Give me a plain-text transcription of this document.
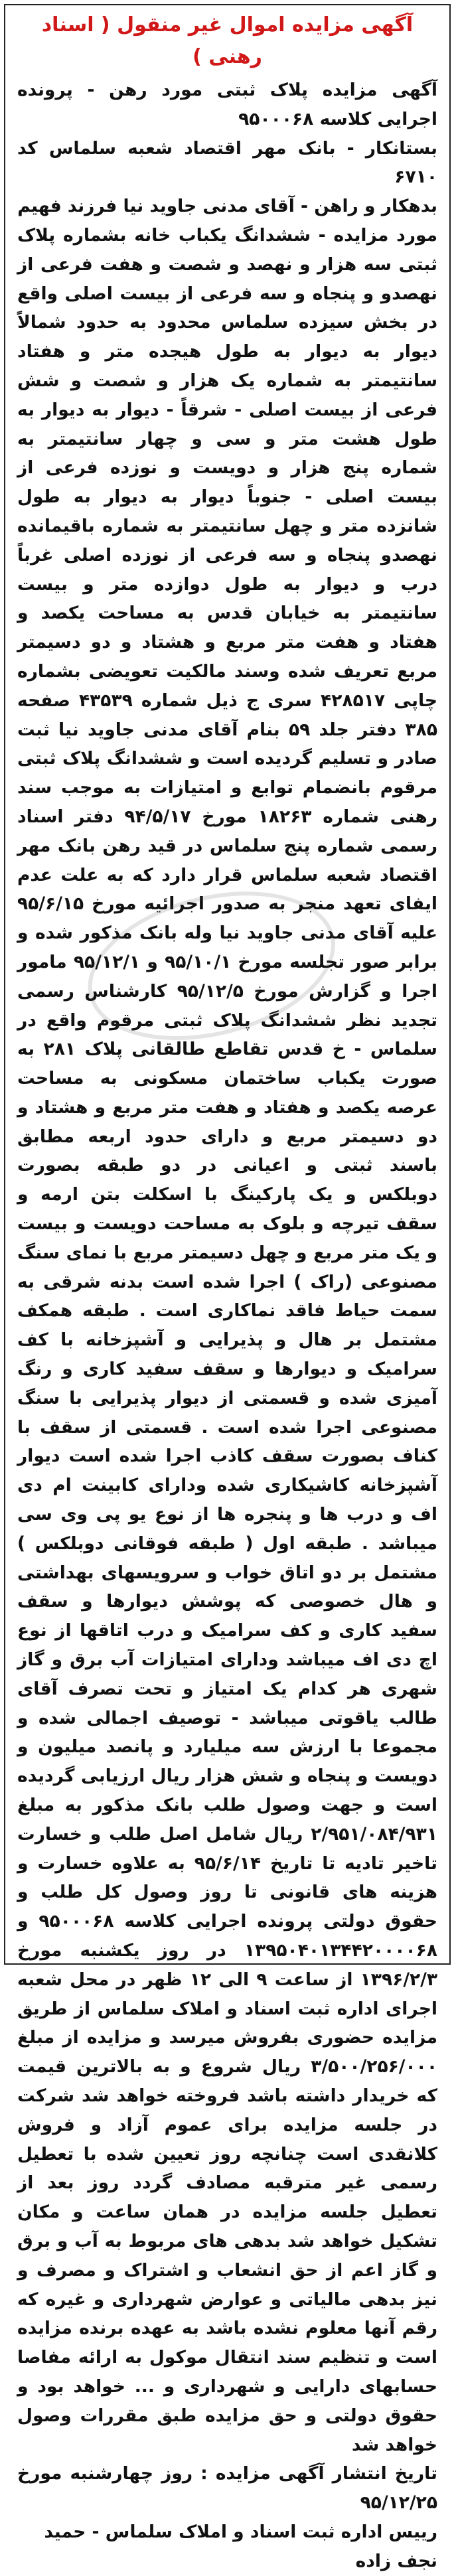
آگهی مزایده اموال غیر منقول ( اسناد رهنی )

آگهی مزایده پلاک ثبتی مورد رهن - پرونده اجرایی کلاسه ۹۵۰۰۰۶۸

بستانکار - بانک مهر اقتصاد شعبه سلماس کد ۶۷۱۰

بدهکار و راهن - آقای مدنی جاوید نیا فرزند فهیم

مورد مزایده - ششدانگ یکباب خانه بشماره پلاک ثبتی سه هزار و نهصد و شصت و هفت فرعی از نهصدو و پنجاه و سه فرعی از بیست اصلی واقع در بخش سیزده سلماس محدود به حدود شمالاً دیوار به دیوار به طول هیجده متر و هفتاد سانتیمتر به شماره یک هزار و شصت و شش فرعی از بیست اصلی - شرقاً - دیوار به دیوار به طول هشت متر و سی و چهار سانتیمتر به شماره پنج هزار و دویست و نوزده فرعی از بیست اصلی - جنوباً دیوار به دیوار به طول شانزده متر و چهل سانتیمتر به شماره باقیمانده نهصدو پنجاه و سه فرعی از نوزده اصلی غرباً درب و دیوار به طول دوازده متر و بیست سانتیمتر به خیابان قدس به مساحت یکصد و هفتاد و هفت متر مربع و هشتاد و دو دسیمتر مربع تعریف شده وسند مالکیت تعویضی بشماره چاپی ۴۲۸۵۱۷ سری ج ذیل شماره ۴۳۵۳۹ صفحه ۳۸۵ دفتر جلد ۵۹ بنام آقای مدنی جاوید نیا ثبت صادر و تسلیم گردیده است و ششدانگ پلاک ثبتی مرقوم بانضمام توابع و امتیازات به موجب سند رهنی شماره ۱۸۲۶۳ مورخ ۹۴/۵/۱۷ دفتر اسناد رسمی شماره پنج سلماس در قید رهن بانک مهر اقتصاد شعبه سلماس قرار دارد که به علت عدم ایفای تعهد منجر به صدور اجرائیه مورخ ۹۵/۶/۱۵ علیه آقای مدنی جاوید نیا وله بانک مذکور شده و برابر صور تجلسه مورخ ۹۵/۱۰/۱ و ۹۵/۱۲/۱ مامور اجرا و گزارش مورخ ۹۵/۱۲/۵ کارشناس رسمی تجدید نظر ششدانگ پلاک ثبتی مرقوم واقع در سلماس - خ قدس تقاطع طالقانی پلاک ۲۸۱ به صورت یکباب ساختمان مسکونی به مساحت عرصه یکصد و هفتاد و هفت متر مربع و هشتاد و دو دسیمتر مربع و دارای حدود اربعه مطابق باسند ثبتی و اعیانی در دو طبقه بصورت دوبلکس و یک پارکینگ با اسکلت بتن ارمه و سقف تیرچه و بلوک به مساحت دویست و بیست و یک متر مربع و چهل دسیمتر مربع با نمای سنگ مصنوعی (راک ) اجرا شده است بدنه شرقی به سمت حیاط فاقد نماکاری است . طبقه همکف مشتمل بر هال و پذیرایی و آشپزخانه با کف سرامیک و دیوارها و سقف سفید کاری و رنگ آمیزی شده و قسمتی از دیوار پذیرایی با سنگ مصنوعی اجرا شده است . قسمتی از سقف با کناف بصورت سقف کاذب اجرا شده است دیوار آشپزخانه کاشیکاری شده ودارای کابینت ام دی اف و درب ها و پنجره ها از نوع یو پی وی سی میباشد . طبقه اول ( طبقه فوقانی دوبلکس ) مشتمل بر دو اتاق خواب و سرویسهای بهداشتی و هال خصوصی که پوشش دیوارها و سقف سفید کاری و کف سرامیک و درب اتاقها از نوع اچ دی اف میباشد ودارای امتیازات آب برق و گاز شهری هر کدام یک امتیاز و تحت تصرف آقای طالب یاقوتی میباشد - توصیف اجمالی شده و مجموعا با ارزش سه میلیارد و پانصد میلیون و دویست و پنجاه و شش هزار ریال ارزیابی گردیده است و جهت وصول طلب بانک مذکور به مبلغ ۲/۹۵۱/۰۸۴/۹۳۱ ریال شامل اصل طلب و خسارت تاخیر تادیه تا تاریخ ۹۵/۶/۱۴ به علاوه خسارت و هزینه های قانونی تا روز وصول کل طلب و حقوق دولتی پرونده اجرایی کلاسه ۹۵۰۰۰۶۸ و ۱۳۹۵۰۴۰۱۳۴۴۲۰۰۰۰۶۸ در روز یکشنبه مورخ ۱۳۹۶/۲/۳ از ساعت ۹ الی ۱۲ ظهر در محل شعبه اجرای اداره ثبت اسناد و املاک سلماس از طریق مزایده حضوری بفروش میرسد و مزایده از مبلغ ۳/۵۰۰/۲۵۶/۰۰۰ ریال شروع و به بالاترین قیمت که خریدار داشته باشد فروخته خواهد شد شرکت در جلسه مزایده برای عموم آزاد و فروش کلانقدی است چنانچه روز تعیین شده با تعطیل رسمی غیر مترقبه مصادف گردد روز بعد از تعطیل جلسه مزایده در همان ساعت و مکان تشکیل خواهد شد بدهی های مربوط به آب و برق و گاز اعم از حق انشعاب و اشتراک و مصرف و نیز بدهی مالیاتی و عوارض شهرداری و غیره که رقم آنها معلوم نشده باشد به عهده برنده مزایده است و تنظیم سند انتقال موکول به ارائه مفاصا حسابهای دارایی و شهرداری و ... خواهد بود و حقوق دولتی و حق مزایده طبق مقررات وصول خواهد شد

تاریخ انتشار آگهی مزایده : روز چهارشنبه مورخ ۹۵/۱۲/۲۵

رییس اداره ثبت اسناد و املاک سلماس - حمید نجف زاده
